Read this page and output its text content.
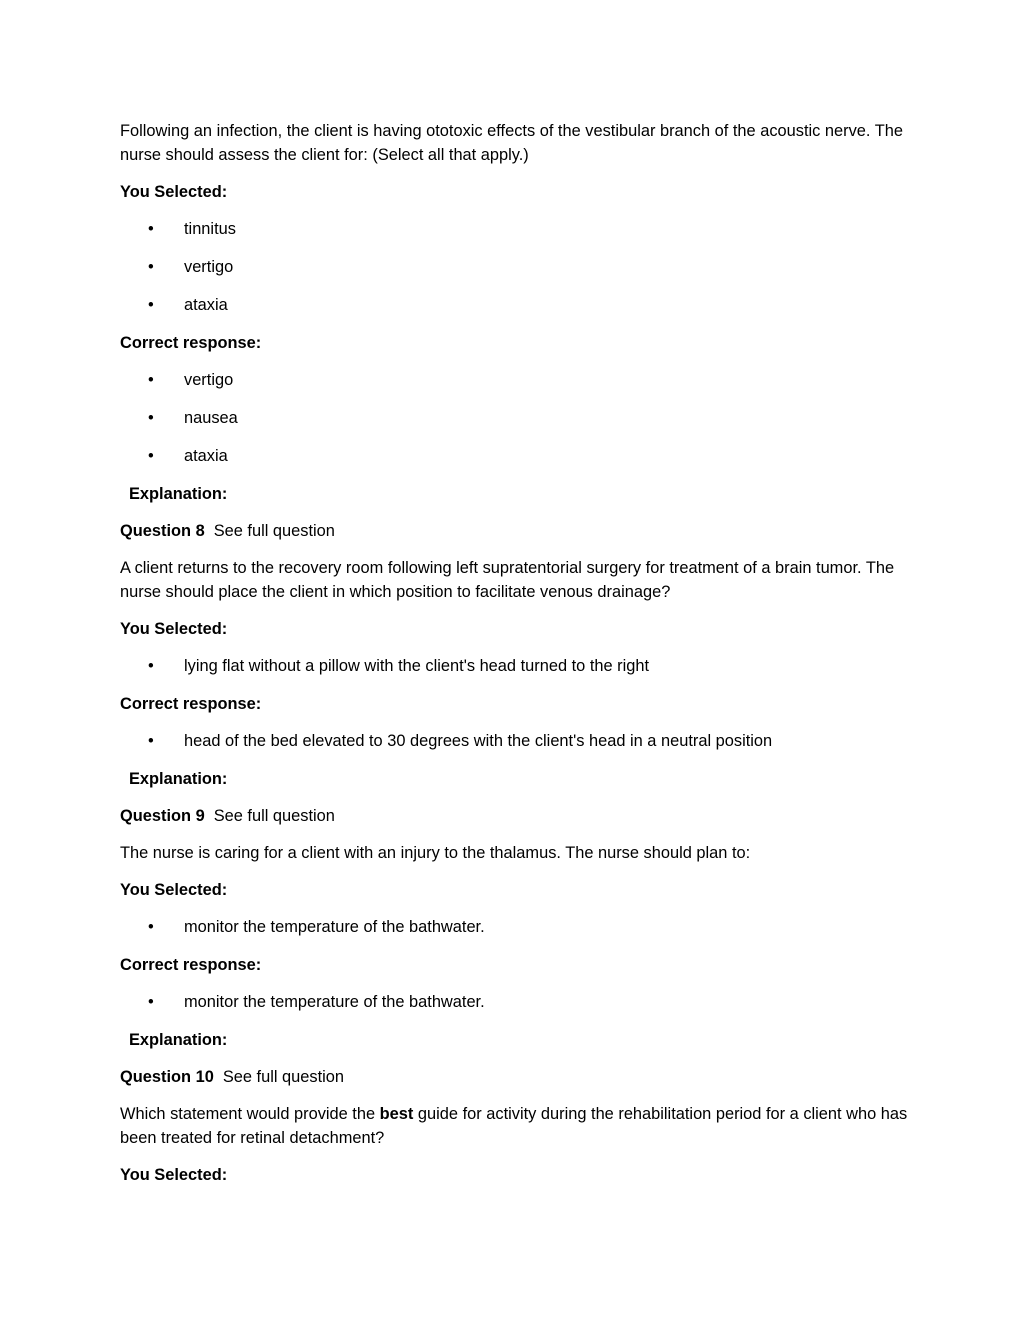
Following an infection, the client is having ototoxic effects of the vestibular branch of the acoustic nerve. The nurse should assess the client for: (Select all that apply.)
You Selected:
• tinnitus
• vertigo
• ataxia
Correct response:
• vertigo
• nausea
• ataxia
Explanation:
Question 8 See full question
A client returns to the recovery room following left supratentorial surgery for treatment of a brain tumor. The nurse should place the client in which position to facilitate venous drainage?
You Selected:
• lying flat without a pillow with the client's head turned to the right
Correct response:
• head of the bed elevated to 30 degrees with the client's head in a neutral position
Explanation:
Question 9 See full question
The nurse is caring for a client with an injury to the thalamus. The nurse should plan to:
You Selected:
• monitor the temperature of the bathwater.
Correct response:
• monitor the temperature of the bathwater.
Explanation:
Question 10 See full question
Which statement would provide the best guide for activity during the rehabilitation period for a client who has been treated for retinal detachment?
You Selected:
